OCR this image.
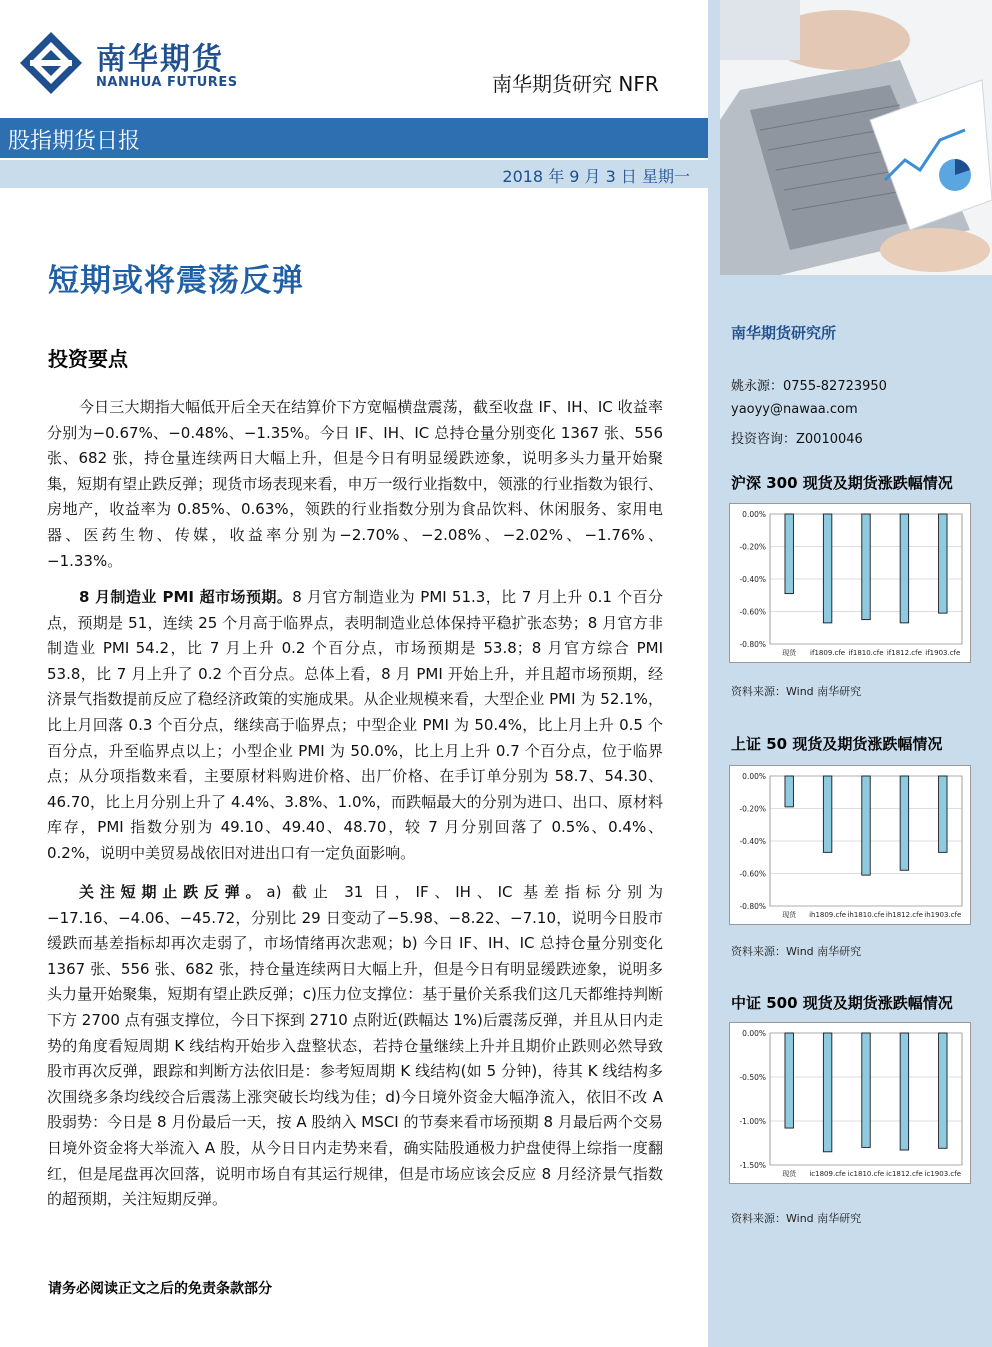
南华期货
NANHUA FUTURES	南华期货研究 NFR
股指期货日报
2018 年 9 月 3 日 星期一
短期或将震荡反弹
投资要点

今日三大期指大幅低开后全天在结算价下方宽幅横盘震荡，截至收盘 IF、IH、IC 收益率分别为−0.67%、−0.48%、−1.35%。今日 IF、IH、IC 总持仓量分别变化 1367 张、556 张、682 张，持仓量连续两日大幅上升，但是今日有明显缓跌迹象，说明多头力量开始聚集，短期有望止跌反弹；现货市场表现来看，申万一级行业指数中，领涨的行业指数为银行、房地产，收益率为 0.85%、0.63%，领跌的行业指数分别为食品饮料、休闲服务、家用电器、医药生物、传媒，收益率分别为−2.70%、−2.08%、−2.02%、−1.76%、−1.33%。

8 月制造业 PMI 超市场预期。8 月官方制造业为 PMI 51.3，比 7 月上升 0.1 个百分点，预期是 51，连续 25 个月高于临界点，表明制造业总体保持平稳扩张态势；8 月官方非制造业 PMI 54.2，比 7 月上升 0.2 个百分点，市场预期是 53.8；8 月官方综合 PMI 53.8，比 7 月上升了 0.2 个百分点。总体上看，8 月 PMI 开始上升，并且超市场预期，经济景气指数提前反应了稳经济政策的实施成果。从企业规模来看，大型企业 PMI 为 52.1%，比上月回落 0.3 个百分点，继续高于临界点；中型企业 PMI 为 50.4%，比上月上升 0.5 个百分点，升至临界点以上；小型企业 PMI 为 50.0%，比上月上升 0.7 个百分点，位于临界点；从分项指数来看，主要原材料购进价格、出厂价格、在手订单分别为 58.7、54.30、46.70，比上月分别上升了 4.4%、3.8%、1.0%，而跌幅最大的分别为进口、出口、原材料库存，PMI 指数分别为 49.10、49.40、48.70，较 7 月分别回落了 0.5%、0.4%、0.2%，说明中美贸易战依旧对进出口有一定负面影响。

关注短期止跌反弹。a) 截止 31 日，IF、IH、IC 基差指标分别为−17.16、−4.06、−45.72，分别比 29 日变动了−5.98、−8.22、−7.10，说明今日股市缓跌而基差指标却再次走弱了，市场情绪再次悲观；b) 今日 IF、IH、IC 总持仓量分别变化 1367 张、556 张、682 张，持仓量连续两日大幅上升，但是今日有明显缓跌迹象，说明多头力量开始聚集，短期有望止跌反弹；c)压力位支撑位：基于量价关系我们这几天都维持判断下方 2700 点有强支撑位，今日下探到 2710 点附近(跌幅达 1%)后震荡反弹，并且从日内走势的角度看短周期 K 线结构开始步入盘整状态，若持仓量继续上升并且期价止跌则必然导致股市再次反弹，跟踪和判断方法依旧是：参考短周期 K 线结构(如 5 分钟)，待其 K 线结构多次围绕多条均线绞合后震荡上涨突破长均线为佳；d)今日境外资金大幅净流入，依旧不改 A 股弱势：今日是 8 月份最后一天，按 A 股纳入 MSCI 的节奏来看市场预期 8 月最后两个交易日境外资金将大举流入 A 股，从今日日内走势来看，确实陆股通极力护盘使得上综指一度翻红，但是尾盘再次回落，说明市场自有其运行规律，但是市场应该会反应 8 月经济景气指数的超预期，关注短期反弹。

请务必阅读正文之后的免责条款部分
南华期货研究所
姚永源：0755-82723950
yaoyy@nawaa.com
投资咨询：Z0010046
沪深 300 现货及期货涨跌幅情况
0.00%
-0.20%
-0.40%
-0.60%
-0.80%
现货 if1809.cfe if1810.cfe if1812.cfe if1903.cfe
资料来源：Wind 南华研究
上证 50 现货及期货涨跌幅情况
0.00%
-0.20%
-0.40%
-0.60%
-0.80%
现货 ih1809.cfe ih1810.cfe ih1812.cfe ih1903.cfe
资料来源：Wind 南华研究
中证 500 现货及期货涨跌幅情况
0.00%
-0.50%
-1.00%
-1.50%
现货 ic1809.cfe ic1810.cfe ic1812.cfe ic1903.cfe
资料来源：Wind 南华研究
